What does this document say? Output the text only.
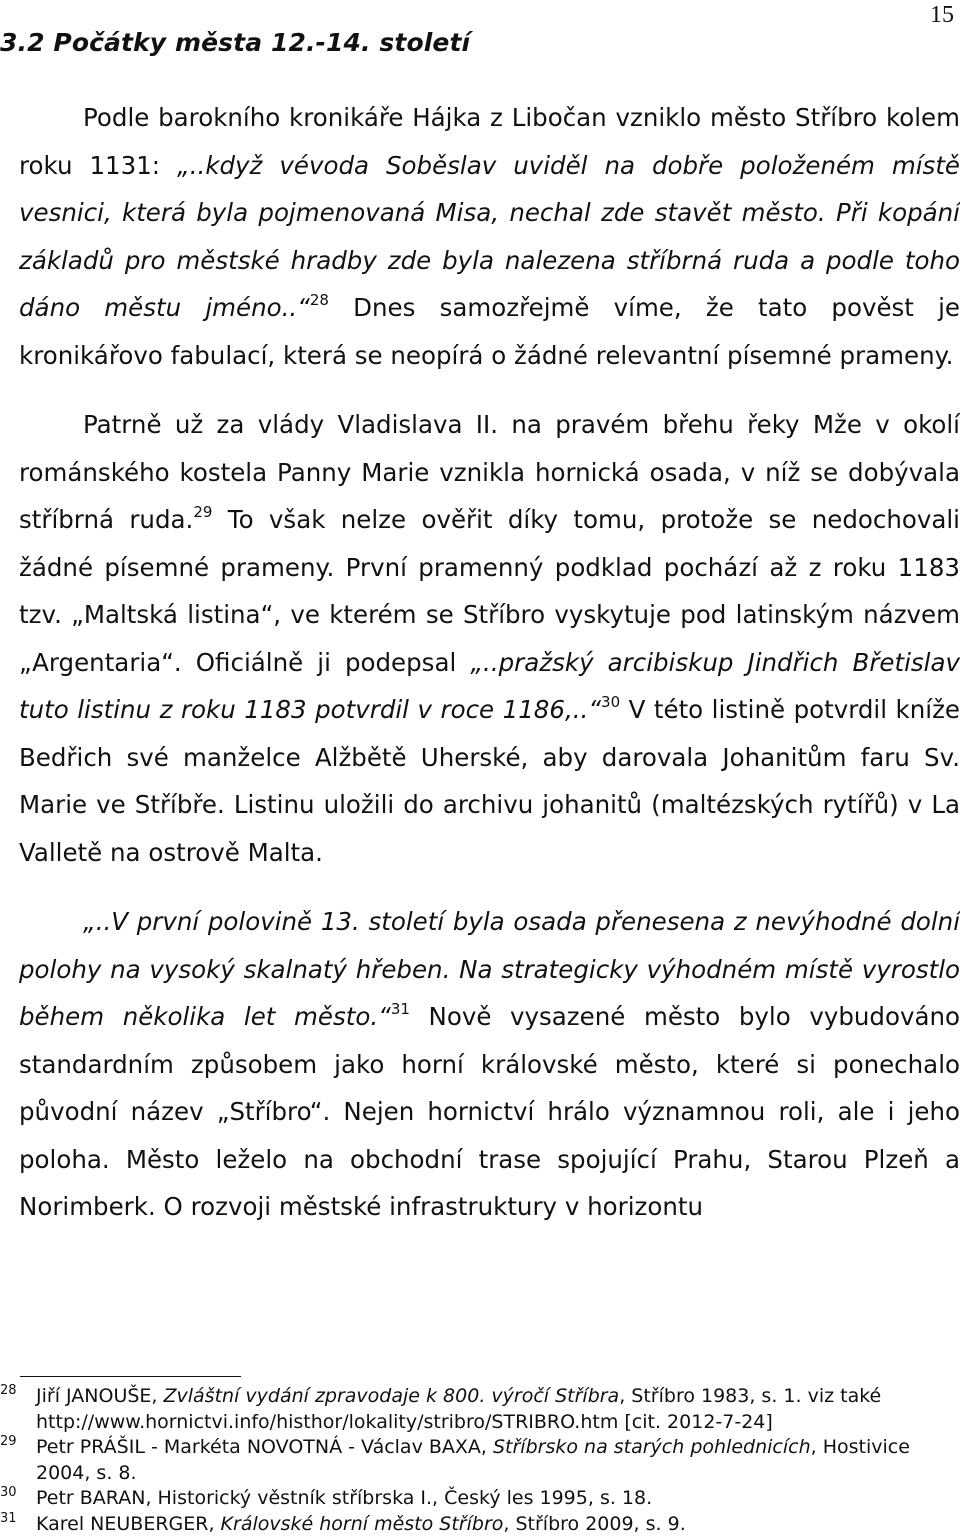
15
3.2 Počátky města 12.-14. století

Podle barokního kronikáře Hájka z Libočan vzniklo město Stříbro kolem roku 1131: „..když vévoda Soběslav uviděl na dobře položeném místě vesnici, která byla pojmenovaná Misa, nechal zde stavět město. Při kopání základů pro městské hradby zde byla nalezena stříbrná ruda a podle toho dáno městu jméno..“$^{28}$ Dnes samozřejmě víme, že tato pověst je kronikářovo fabulací, která se neopírá o žádné relevantní písemné prameny.

Patrně už za vlády Vladislava II. na pravém břehu řeky Mže v okolí románského kostela Panny Marie vznikla hornická osada, v níž se dobývala stříbrná ruda.$^{29}$ To však nelze ověřit díky tomu, protože se nedochovali žádné písemné prameny. První pramenný podklad pochází až z roku 1183 tzv. „Maltská listina“, ve kterém se Stříbro vyskytuje pod latinským názvem „Argentaria“. Oficiálně ji podepsal „..pražský arcibiskup Jindřich Břetislav tuto listinu z roku 1183 potvrdil v roce 1186,..“$^{30}$ V této listině potvrdil kníže Bedřich své manželce Alžbětě Uherské, aby darovala Johanitům faru Sv. Marie ve Stříbře. Listinu uložili do archivu johanitů (maltézských rytířů) v La Valletě na ostrově Malta.

„..V první polovině 13. století byla osada přenesena z nevýhodné dolní polohy na vysoký skalnatý hřeben. Na strategicky výhodném místě vyrostlo během několika let město.“$^{31}$ Nově vysazené město bylo vybudováno standardním způsobem jako horní královské město, které si ponechalo původní název „Stříbro“. Nejen hornictví hrálo významnou roli, ale i jeho poloha. Město leželo na obchodní trase spojující Prahu, Starou Plzeň a Norimberk. O rozvoji městské infrastruktury v horizontu

28 Jiří JANOUŠE, Zvláštní vydání zpravodaje k 800. výročí Stříbra, Stříbro 1983, s. 1. viz také http://www.hornictvi.info/histhor/lokality/stribro/STRIBRO.htm [cit. 2012-7-24]
29 Petr PRÁŠIL - Markéta NOVOTNÁ - Václav BAXA, Stříbrsko na starých pohlednicích, Hostivice 2004, s. 8.
30 Petr BARAN, Historický věstník stříbrska I., Český les 1995, s. 18.
31 Karel NEUBERGER, Královské horní město Stříbro, Stříbro 2009, s. 9.
